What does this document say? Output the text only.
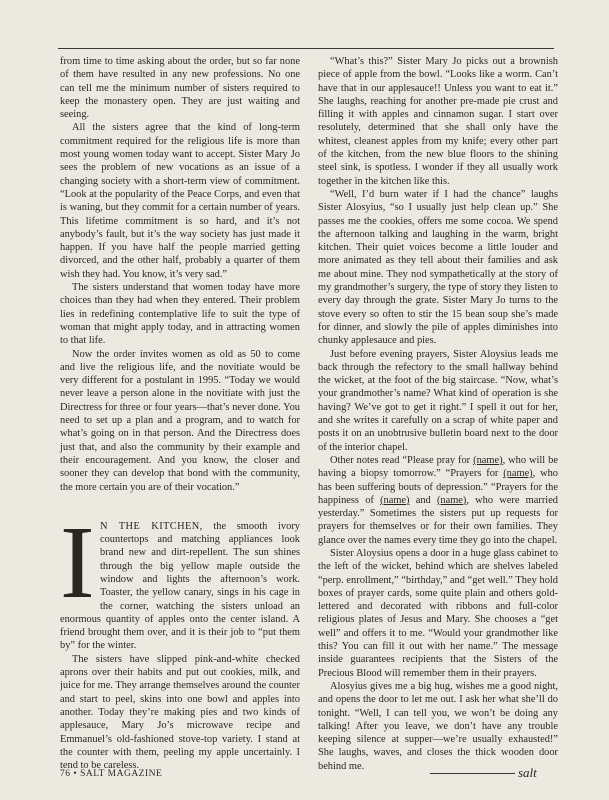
from time to time asking about the order, but so far none of them have resulted in any new professions. No one can tell me the minimum number of sisters required to keep the monastery open. They are just waiting and seeing.

All the sisters agree that the kind of long-term commitment required for the religious life is more than most young women today want to accept. Sister Mary Jo sees the problem of new vocations as an issue of a changing society with a short-term view of commitment. “Look at the popularity of the Peace Corps, and even that is waning, but they commit for a certain number of years. This lifetime commitment is so hard, and it’s not anybody’s fault, but it’s the way society has just made it happen. If you have half the people married getting divorced, and the other half, probably a quarter of them wish they had. You know, it’s very sad.”

The sisters understand that women today have more choices than they had when they entered. Their problem lies in redefining contemplative life to suit the type of woman that might apply today, and in attracting women to that life.

Now the order invites women as old as 50 to come and live the religious life, and the novitiate would be very different for a postulant in 1995. “Today we would never leave a person alone in the novitiate with just the Directress for three or four years—that’s never done. You need to set up a plan and a program, and to watch for what’s going on in that person. And the Directress does just that, and also the community by their example and their encouragement. And you know, the closer and sooner they can develop that bond with the community, the more certain you are of their vocation.”

I N THE KITCHEN, the smooth ivory countertops and matching appliances look brand new and dirt-repellent. The sun shines through the big yellow maple outside the window and lights the afternoon’s work. Toaster, the yellow canary, sings in his cage in the corner, watching the sisters unload an enormous quantity of apples onto the center island. A friend brought them over, and it is their job to “put them by” for the winter.

The sisters have slipped pink-and-white checked aprons over their habits and put out cookies, milk, and juice for me. They arrange themselves around the counter and start to peel, skins into one bowl and apples into another. Today they’re making pies and two kinds of applesauce, Mary Jo’s microwave recipe and Emmanuel’s old-fashioned stove-top variety. I stand at the counter with them, peeling my apple uncertainly. I tend to be careless.

“What’s this?” Sister Mary Jo picks out a brownish piece of apple from the bowl. “Looks like a worm. Can’t have that in our applesauce!! Unless you want to eat it.” She laughs, reaching for another pre-made pie crust and filling it with apples and cinnamon sugar. I start over resolutely, determined that she shall only have the whitest, cleanest apples from my knife; every other part of the kitchen, from the new blue floors to the shining steel sink, is spotless. I wonder if they all usually work together in the kitchen like this.

“Well, I’d burn water if I had the chance” laughs Sister Alosyius, “so I usually just help clean up.” She passes me the cookies, offers me some cocoa. We spend the afternoon talking and laughing in the warm, bright kitchen. Their quiet voices become a little louder and more animated as they tell about their families and ask me about mine. They nod sympathetically at the story of my grandmother’s surgery, the type of story they listen to every day through the grate. Sister Mary Jo turns to the stove every so often to stir the 15 bean soup she’s made for dinner, and slowly the pile of apples diminishes into chunky applesauce and pies.

Just before evening prayers, Sister Aloysius leads me back through the refectory to the small hallway behind the wicket, at the foot of the big staircase. “Now, what’s your grandmother’s name? What kind of operation is she having? We’ve got to get it right.” I spell it out for her, and she writes it carefully on a scrap of white paper and posts it on an unobtrusive bulletin board next to the door of the interior chapel.

Other notes read “Please pray for (name), who will be having a biopsy tomorrow.” “Prayers for (name), who has been suffering bouts of depression.” “Prayers for the happiness of (name) and (name), who were married yesterday.” Sometimes the sisters put up requests for prayers for themselves or for their own families. They glance over the names every time they go into the chapel.

Sister Aloysius opens a door in a huge glass cabinet to the left of the wicket, behind which are shelves labeled “perp. enrollment,” “birthday,” and “get well.” They hold boxes of prayer cards, some quite plain and others gold-lettered and decorated with ribbons and full-color religious plates of Jesus and Mary. She chooses a “get well” and offers it to me. “Would your grandmother like this? You can fill it out with her name.” The message inside guarantees recipients that the Sisters of the Precious Blood will remember them in their prayers.

Alosyius gives me a big hug, wishes me a good night, and opens the door to let me out. I ask her what she’ll do tonight. “Well, I can tell you, we won’t be doing any talking! After you leave, we don’t have any trouble keeping silence at supper—we’re usually exhausted!” She laughs, waves, and closes the thick wooden door behind me.	salt
76 • SALT MAGAZINE
